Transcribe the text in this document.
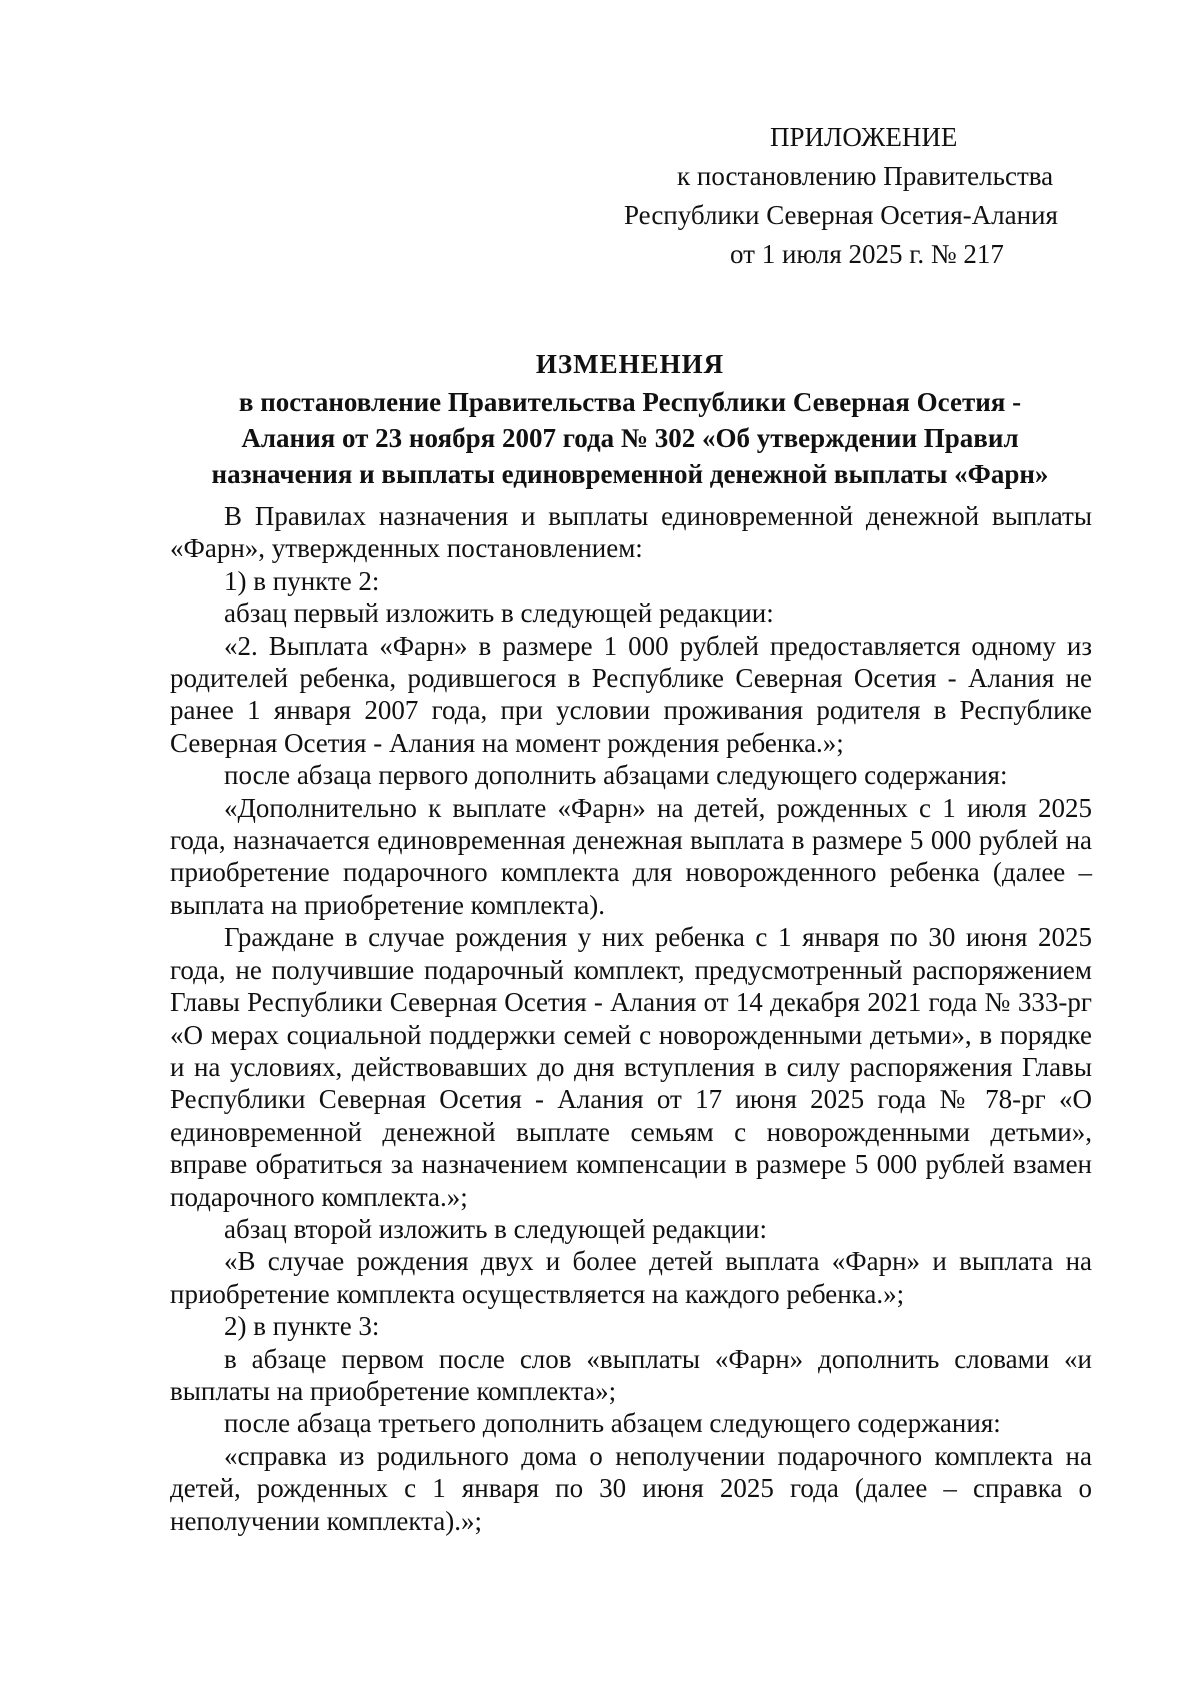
ПРИЛОЖЕНИЕ
к постановлению Правительства
Республики Северная Осетия-Алания
от 1 июля 2025 г. № 217
ИЗМЕНЕНИЯ
в постановление Правительства Республики Северная Осетия -
Алания от 23 ноября 2007 года № 302 «Об утверждении Правил
назначения и выплаты единовременной денежной выплаты «Фарн»

В Правилах назначения и выплаты единовременной денежной выплаты «Фарн», утвержденных постановлением:

1) в пункте 2:

абзац первый изложить в следующей редакции:

«2. Выплата «Фарн» в размере 1 000 рублей предоставляется одному из родителей ребенка, родившегося в Республике Северная Осетия - Алания не ранее 1 января 2007 года, при условии проживания родителя в Республике Северная Осетия - Алания на момент рождения ребенка.»;

после абзаца первого дополнить абзацами следующего содержания:

«Дополнительно к выплате «Фарн» на детей, рожденных с 1 июля 2025 года, назначается единовременная денежная выплата в размере 5 000 рублей на приобретение подарочного комплекта для новорожденного ребенка (далее – выплата на приобретение комплекта).

Граждане в случае рождения у них ребенка с 1 января по 30 июня 2025 года, не получившие подарочный комплект, предусмотренный распоряжением Главы Республики Северная Осетия - Алания от 14 декабря 2021 года № 333-рг «О мерах социальной поддержки семей с новорожденными детьми», в порядке и на условиях, действовавших до дня вступления в силу распоряжения Главы Республики Северная Осетия - Алания от 17 июня 2025 года № 78-рг «О единовременной денежной выплате семьям с новорожденными детьми», вправе обратиться за назначением компенсации в размере 5 000 рублей взамен подарочного комплекта.»;

абзац второй изложить в следующей редакции:

«В случае рождения двух и более детей выплата «Фарн» и выплата на приобретение комплекта осуществляется на каждого ребенка.»;

2) в пункте 3:

в абзаце первом после слов «выплаты «Фарн» дополнить словами «и выплаты на приобретение комплекта»;

после абзаца третьего дополнить абзацем следующего содержания:

«справка из родильного дома о неполучении подарочного комплекта на детей, рожденных с 1 января по 30 июня 2025 года (далее – справка о неполучении комплекта).»;
